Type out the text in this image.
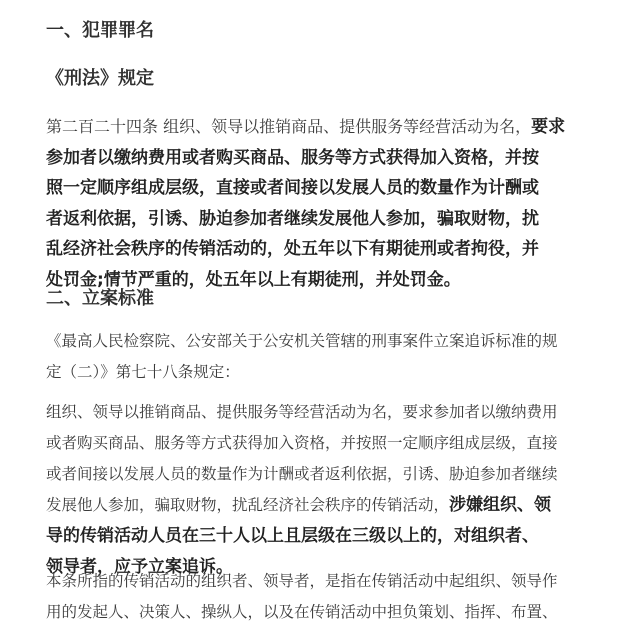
一、犯罪罪名
《刑法》规定
第二百二十四条 组织、领导以推销商品、提供服务等经营活动为名，要求
参加者以缴纳费用或者购买商品、服务等方式获得加入资格，并按
照一定顺序组成层级，直接或者间接以发展人员的数量作为计酬或
者返利依据，引诱、胁迫参加者继续发展他人参加，骗取财物，扰
乱经济社会秩序的传销活动的，处五年以下有期徒刑或者拘役，并
处罚金;情节严重的，处五年以上有期徒刑，并处罚金。
二、立案标准
《最高人民检察院、公安部关于公安机关管辖的刑事案件立案追诉标准的规
定（二）》第七十八条规定：
组织、领导以推销商品、提供服务等经营活动为名，要求参加者以缴纳费用
或者购买商品、服务等方式获得加入资格，并按照一定顺序组成层级，直接
或者间接以发展人员的数量作为计酬或者返利依据，引诱、胁迫参加者继续
发展他人参加，骗取财物，扰乱经济社会秩序的传销活动，涉嫌组织、领
导的传销活动人员在三十人以上且层级在三级以上的，对组织者、
领导者，应予立案追诉。
本条所指的传销活动的组织者、领导者，是指在传销活动中起组织、领导作
用的发起人、决策人、操纵人，以及在传销活动中担负策划、指挥、布置、
